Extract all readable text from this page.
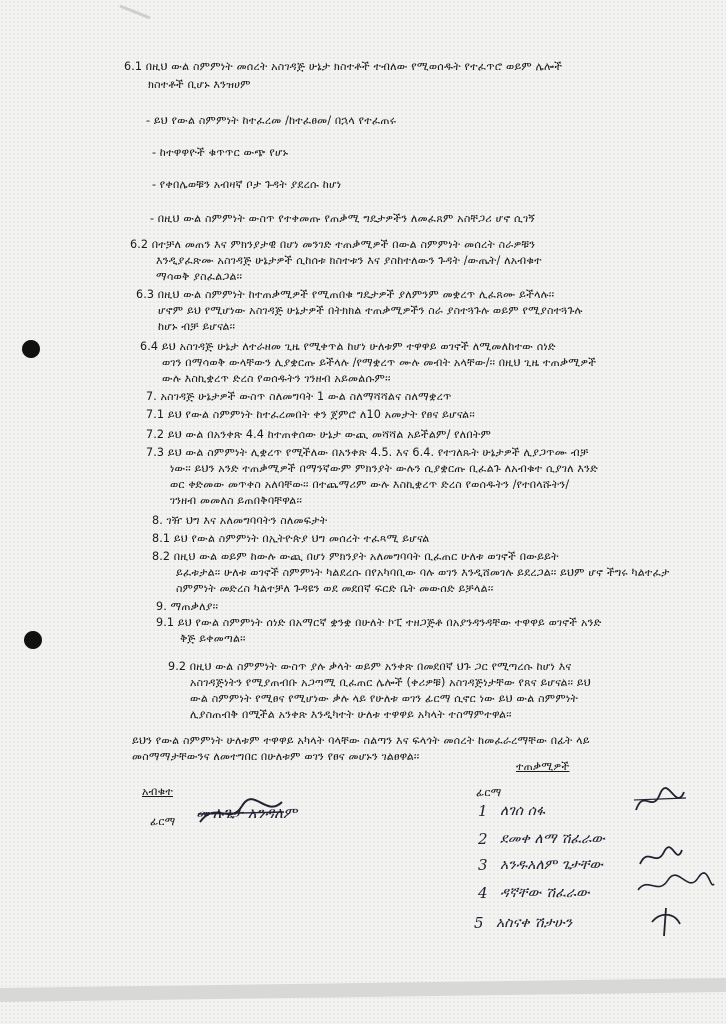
6.1 በዚህ ውል ስምምነት መሰረት አስገዳጅ ሁኔታ ክስተቶች ተብለው የሚወሰዱት የተፈጥሮ ወይም ሌሎች
ክስተቶች ቢሆኑ እንዝሀም
- ይህ የውል ስምምነት ከተፈረመ /ከተፈፀመ/ በኋላ የተፈጠሩ
- ከተዋዋዮች ቁጥጥር ውጭ የሆኑ
- የቀበሌወቹን አብዛኛ ቦታ ጉዳት ያደረሱ ከሆነ
- በዚህ ውል ስምምነት ውስጥ የተቀመጡ የጠቃሚ ግዴታዎችን ለመፈጸም አስቸጋሪ ሆኖ ሲገኝ
6.2 በተቻለ መጠን እና ምክንያታዊ በሆነ መንገድ ተጠቃሚዎች በውል ስምምነት መሰረት ስራዎቹን
እንዲያፈጽሙ አስገዳጅ ሁኔታዎች ሲከሰቱ ክስተቱን እና ያስከተለውን ጉዳት /ውጤት/ ለአብቁተ
ማሳወቅ ያስፈልጋል፡፡
6.3 በዚህ ውል ስምምነት ከተጠቃሚዎች የሚጠበቁ ግዴታዎች ያለምንም መቋረጥ ሊፈጸሙ ይችላሉ፡፡
ሆኖም ይህ የሚሆነው አስገዳጅ ሁኔታዎች በትክክል ተጠቃሚዎችን ስራ ያስተጓጉሉ ወይም የሚያስተጓጉሉ
ከሆኑ ብቻ ይሆናል፡፡
6.4 ይህ አስገዳጅ ሁኔታ ለተራዘመ ጊዜ የሚቀጥል ከሆነ ሁለቱም ተዋዋይ ወገኖች ለሚመለከተው ሰነድ
ወገን በማሳወቅ ውላቸውን ሊያቋርጡ ይችላሉ /የማቋረጥ ሙሉ መብት አላቸው/፡፡ በዚህ ጊዜ ተጠቃሚዎች
ውሉ እስኪቋረጥ ድረስ የወሰዱትን ገንዘብ አይመልሱም፡፡
7. አስገዳጅ ሁኔታዎች ውስጥ ስለመግባት 1 ውል ስለማሻሻልና ስለማቋረጥ
7.1 ይህ የውል ስምምነት ከተፈረመበት ቀን ጀምሮ ለ10 አመታት የፀና ይሆናል፡፡
7.2 ይህ ውል በአንቀጽ 4.4 ከተጠቀሰው ሁኔታ ውጪ መሻሻል አይችልም/ የለበትም
7.3 ይህ ውል ስምምነት ሊቋረጥ የሚችለው በአንቀጽ 4.5. እና 6.4. የተገለጹት ሁኔታዎች ሊያጋጥሙ ብቻ
ነው፡፡ ይህን አንድ ተጠቃሚዎች በማንኛውም ምክንያት ውሉን ሲያቋርጡ ቢፈልጉ ለአብቁተ ሲያገለ እንድ
ወር ቀድመው መጥቀስ አለባቸው፡፡ በተጨማሪም ውሉ እስኪቋረጥ ድረስ የወሰዱትን /የተበላሹትን/
ገንዘብ መመለስ ይጠበቅባቸዋል፡፡
8. ገዥ ህግ እና አለመግባባትን ስለመፍታት
8.1 ይህ የውል ስምምነት በኢትዮጵያ ህግ መሰረት ተፈጻሚ ይሆናል
8.2 በዚህ ውል ወይም ከውሉ ውጪ በሆነ ምክንያት አለመግባባት ቢፈጠር ሁለቱ ወገኖች በውይይት
ይፈቱታል፡፡ ሁለቱ ወገኖች ስምምነት ካልደረሱ በየአካባቢው ባሉ ወገን እንዲሸመገሉ ይደረጋል፡፡ ይህም ሆኖ ችግሩ ካልተፈታ
ስምምነት መድረስ ካልተቻለ ጉዳዩን ወደ መደበኛ ፍርድ ቤት መውሰድ ይቻላል፡፡
9. ማጠቃለያ፡፡
9.1 ይህ የውል ስምምነት ሰነድ በአማርኛ ቋንቋ በሁለት ኮፒ ተዘጋጅቶ በአያንዳንዳቸው ተዋዋይ ወገኖች አንድ
ቅጅ ይቀመጣል፡፡
9.2 በዚህ ውል ስምምነት ውስጥ ያሉ ቃላት ወይም አንቀጽ በመደበኛ ህጉ ጋር የሚጣረሱ ከሆነ እና
አስገዳጅነትን የሚያጠብቡ አጋጣሚ ቢፈጠር ሌሎች (ቀሪዎቹ) አስገዳጅነታቸው የጸና ይሆናል፡፡ ይህ
ውል ስምምነት የሚፀና የሚሆነው ቃሉ ላይ የሁለቱ ወገን ፊርማ ሲኖር ነው ይህ ውል ስምምነት
ሊያስጠብቅ በሚችል አንቀጽ እንዲካተት ሁለቱ ተዋዋይ አካላት ተስማምተዋል፡፡
ይህን የውል ስምምነት ሁለቱም ተዋዋይ አካላት ባላቸው ስልጣን እና ፍላጎት መሰረት ከመፈራረማቸው በፊት ላይ
መስማማታቸውንና ለመተግበር በሁለቱም ወገን የፀና መሆኑን ገልፀዋል፡፡
አብቁተ
ፊርማ ሙሉጌታ አንዳለም
ተጠቃሚዎች
ፊርማ
1 ለገሰ ሰፋ
2 ደመቀ ለማ ሽፈራው
3 አንዱአለም ጌታቸው
4 ዳኛቸው ሽፈራው
5 አስናቀ ሽታሁን
